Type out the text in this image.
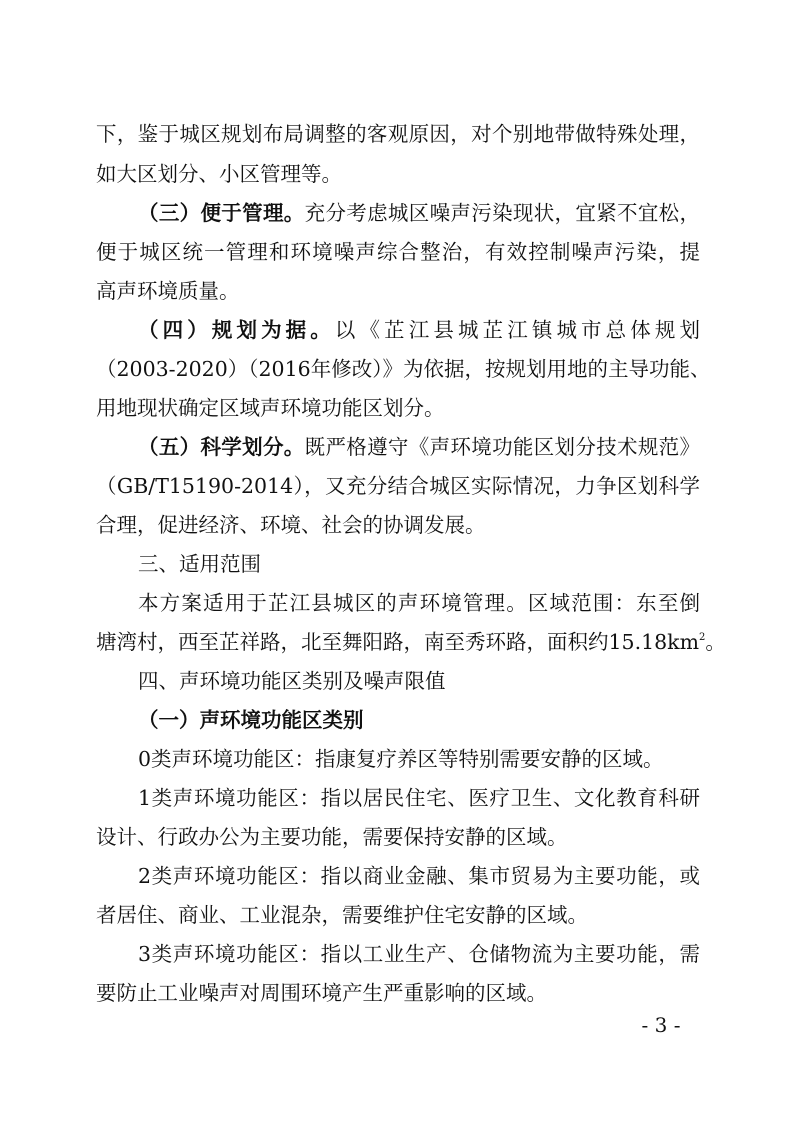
下，鉴于城区规划布局调整的客观原因，对个别地带做特殊处理，
如大区划分、小区管理等。
（三）便于管理。充分考虑城区噪声污染现状，宜紧不宜松，
便于城区统一管理和环境噪声综合整治，有效控制噪声污染，提
高声环境质量。
（四）规划为据。以《芷江县城芷江镇城市总体规划
（2003-2020）（2016年修改）》为依据，按规划用地的主导功能、
用地现状确定区域声环境功能区划分。
（五）科学划分。既严格遵守《声环境功能区划分技术规范》
（GB/T15190-2014），又充分结合城区实际情况，力争区划科学
合理，促进经济、环境、社会的协调发展。
三、适用范围
本方案适用于芷江县城区的声环境管理。区域范围：东至倒
塘湾村，西至芷祥路，北至舞阳路，南至秀环路，面积约$15.18km^2$。
四、声环境功能区类别及噪声限值
（一）声环境功能区类别
0类声环境功能区：指康复疗养区等特别需要安静的区域。
1类声环境功能区：指以居民住宅、医疗卫生、文化教育科研
设计、行政办公为主要功能，需要保持安静的区域。
2类声环境功能区：指以商业金融、集市贸易为主要功能，或
者居住、商业、工业混杂，需要维护住宅安静的区域。
3类声环境功能区：指以工业生产、仓储物流为主要功能，需
要防止工业噪声对周围环境产生严重影响的区域。
- 3 -
